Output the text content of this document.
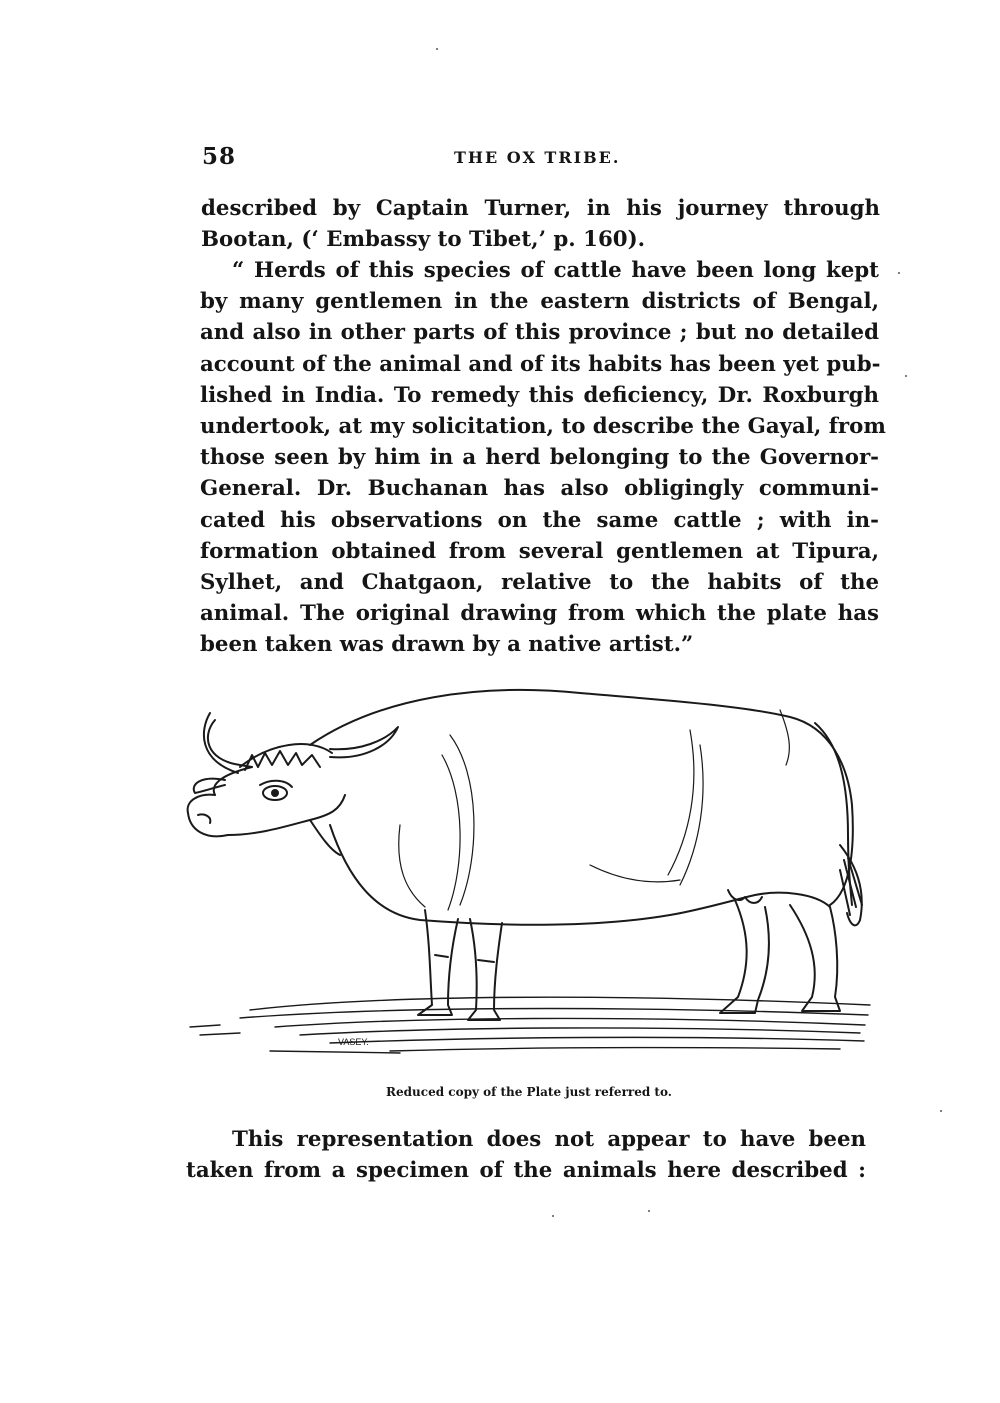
58	THE OX TRIBE.
described by Captain Turner, in his journey through
Bootan, (‘ Embassy to Tibet,’ p. 160).
“ Herds of this species of cattle have been long kept
by many gentlemen in the eastern districts of Bengal,
and also in other parts of this province ; but no detailed
account of the animal and of its habits has been yet pub-
lished in India. To remedy this deficiency, Dr. Roxburgh
undertook, at my solicitation, to describe the Gayal, from
those seen by him in a herd belonging to the Governor-
General. Dr. Buchanan has also obligingly communi-
cated his observations on the same cattle ; with in-
formation obtained from several gentlemen at Tipura,
Sylhet, and Chatgaon, relative to the habits of the
animal. The original drawing from which the plate has
been taken was drawn by a native artist.”
VASEY.
Reduced copy of the Plate just referred to.
This representation does not appear to have been
taken from a specimen of the animals here described :
